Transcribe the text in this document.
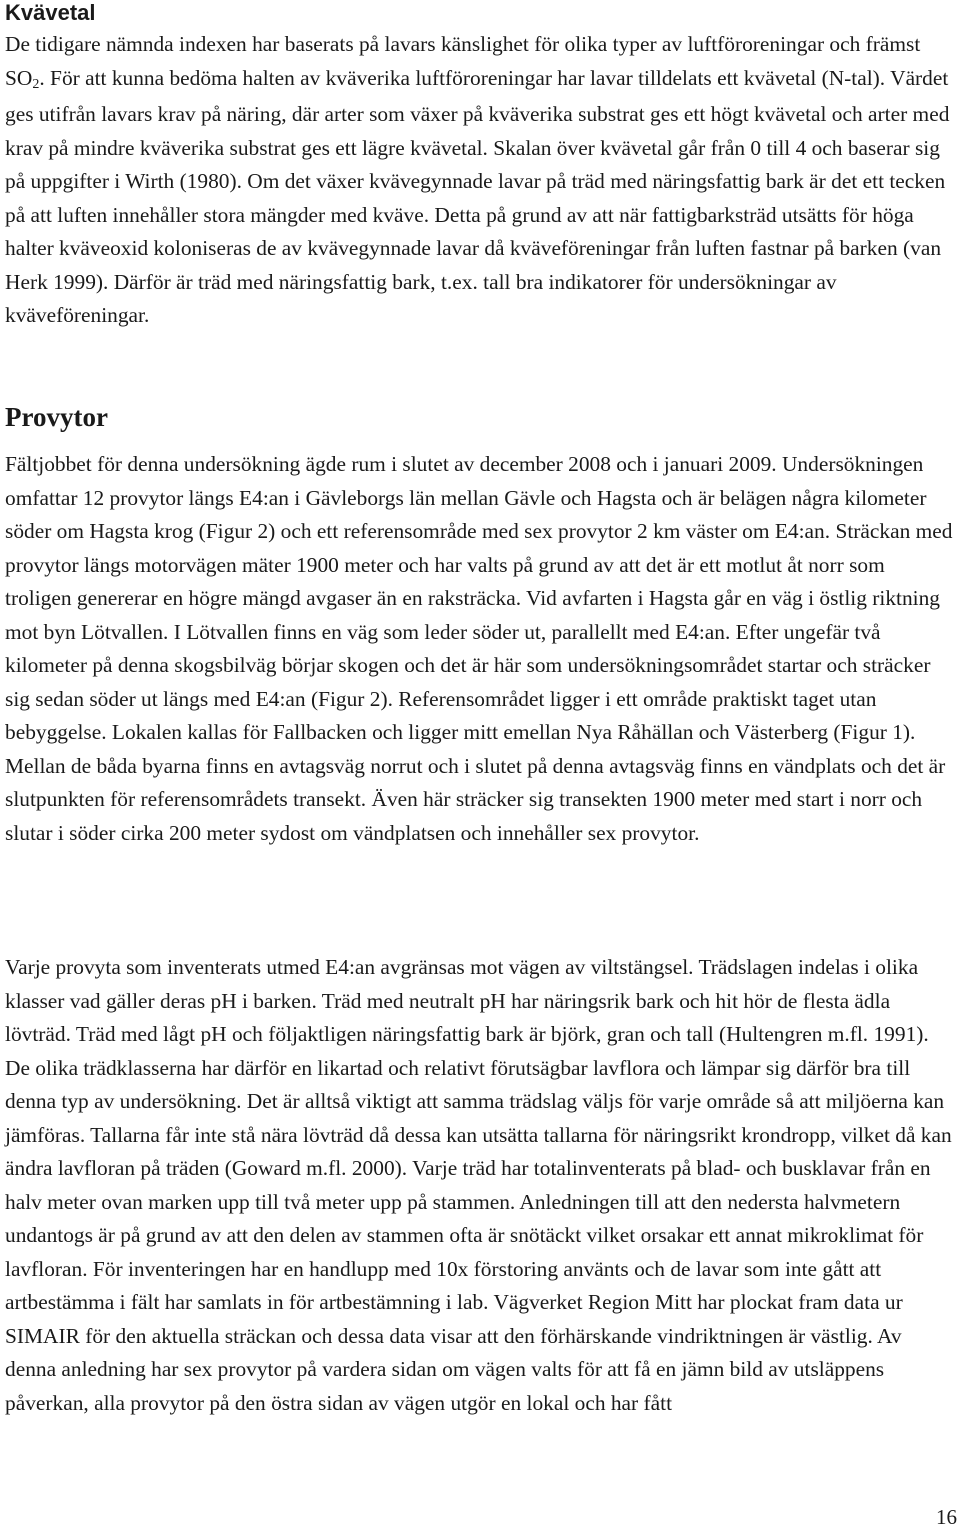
Kvävetal

De tidigare nämnda indexen har baserats på lavars känslighet för olika typer av luftföroreningar och främst $SO_2$. För att kunna bedöma halten av kväverika luftföroreningar har lavar tilldelats ett kvävetal (N-tal). Värdet ges utifrån lavars krav på näring, där arter som växer på kväverika substrat ges ett högt kvävetal och arter med krav på mindre kväverika substrat ges ett lägre kvävetal. Skalan över kvävetal går från 0 till 4 och baserar sig på uppgifter i Wirth (1980). Om det växer kvävegynnade lavar på träd med näringsfattig bark är det ett tecken på att luften innehåller stora mängder med kväve. Detta på grund av att när fattigbarksträd utsätts för höga halter kväveoxid koloniseras de av kvävegynnade lavar då kväveföreningar från luften fastnar på barken (van Herk 1999). Därför är träd med näringsfattig bark, t.ex. tall bra indikatorer för undersökningar av kväveföreningar.

Provytor

Fältjobbet för denna undersökning ägde rum i slutet av december 2008 och i januari 2009. Undersökningen omfattar 12 provytor längs E4:an i Gävleborgs län mellan Gävle och Hagsta och är belägen några kilometer söder om Hagsta krog (Figur 2) och ett referensområde med sex provytor 2 km väster om E4:an. Sträckan med provytor längs motorvägen mäter 1900 meter och har valts på grund av att det är ett motlut åt norr som troligen genererar en högre mängd avgaser än en raksträcka. Vid avfarten i Hagsta går en väg i östlig riktning mot byn Lötvallen. I Lötvallen finns en väg som leder söder ut, parallellt med E4:an. Efter ungefär två kilometer på denna skogsbilväg börjar skogen och det är här som undersökningsområdet startar och sträcker sig sedan söder ut längs med E4:an (Figur 2). Referensområdet ligger i ett område praktiskt taget utan bebyggelse. Lokalen kallas för Fallbacken och ligger mitt emellan Nya Råhällan och Västerberg (Figur 1). Mellan de båda byarna finns en avtagsväg norrut och i slutet på denna avtagsväg finns en vändplats och det är slutpunkten för referensområdets transekt. Även här sträcker sig transekten 1900 meter med start i norr och slutar i söder cirka 200 meter sydost om vändplatsen och innehåller sex provytor.

Varje provyta som inventerats utmed E4:an avgränsas mot vägen av viltstängsel. Trädslagen indelas i olika klasser vad gäller deras pH i barken. Träd med neutralt pH har näringsrik bark och hit hör de flesta ädla lövträd. Träd med lågt pH och följaktligen näringsfattig bark är björk, gran och tall (Hultengren m.fl. 1991). De olika trädklasserna har därför en likartad och relativt förutsägbar lavflora och lämpar sig därför bra till denna typ av undersökning. Det är alltså viktigt att samma trädslag väljs för varje område så att miljöerna kan jämföras. Tallarna får inte stå nära lövträd då dessa kan utsätta tallarna för näringsrikt krondropp, vilket då kan ändra lavfloran på träden (Goward m.fl. 2000). Varje träd har totalinventerats på blad- och busklavar från en halv meter ovan marken upp till två meter upp på stammen. Anledningen till att den nedersta halvmetern undantogs är på grund av att den delen av stammen ofta är snötäckt vilket orsakar ett annat mikroklimat för lavfloran. För inventeringen har en handlupp med 10x förstoring använts och de lavar som inte gått att artbestämma i fält har samlats in för artbestämning i lab. Vägverket Region Mitt har plockat fram data ur SIMAIR för den aktuella sträckan och dessa data visar att den förhärskande vindriktningen är västlig. Av denna anledning har sex provytor på vardera sidan om vägen valts för att få en jämn bild av utsläppens påverkan, alla provytor på den östra sidan av vägen utgör en lokal och har fått

16
